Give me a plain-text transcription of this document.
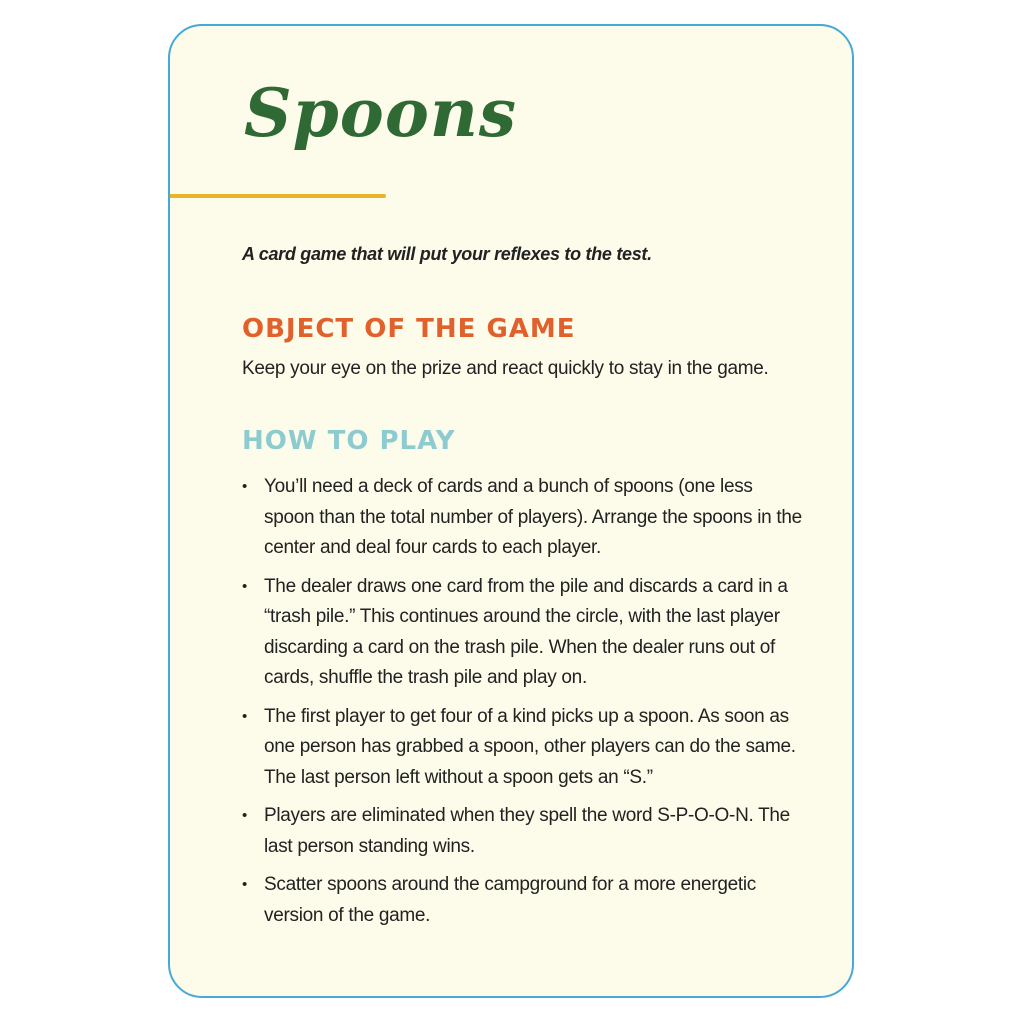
Spoons

A card game that will put your reflexes to the test.

OBJECT OF THE GAME

Keep your eye on the prize and react quickly to stay in the game.

HOW TO PLAY
• You’ll need a deck of cards and a bunch of spoons (one less spoon than the total number of players). Arrange the spoons in the center and deal four cards to each player.
• The dealer draws one card from the pile and discards a card in a “trash pile.” This continues around the circle, with the last player discarding a card on the trash pile. When the dealer runs out of cards, shuffle the trash pile and play on.
• The first player to get four of a kind picks up a spoon. As soon as one person has grabbed a spoon, other players can do the same. The last person left without a spoon gets an “S.”
• Players are eliminated when they spell the word S-P-O-O-N. The last person standing wins.
• Scatter spoons around the campground for a more energetic version of the game.
